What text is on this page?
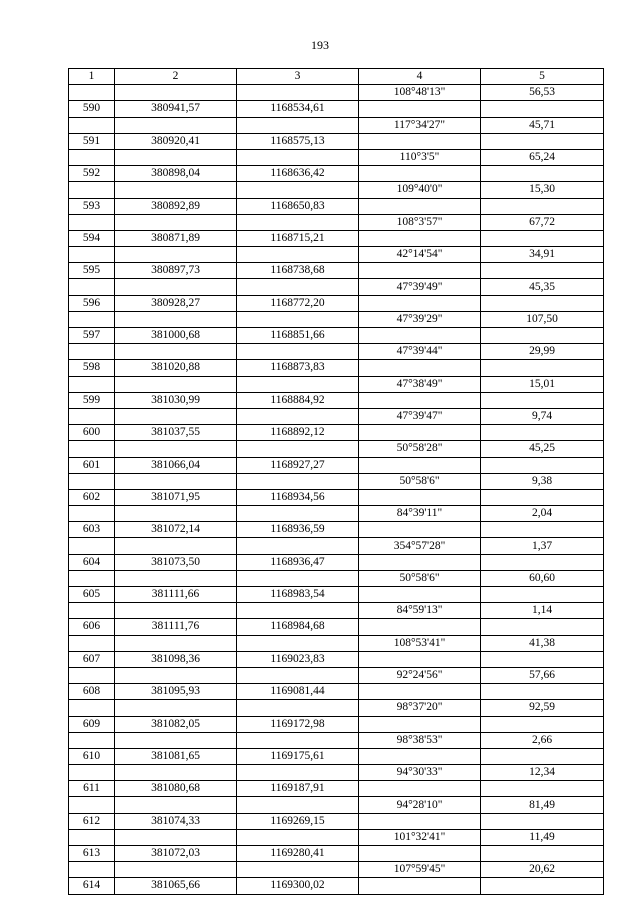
193
1	2	3	4	5
			108°48'13"	56,53
590	380941,57	1168534,61		
			117°34'27"	45,71
591	380920,41	1168575,13		
			110°3'5"	65,24
592	380898,04	1168636,42		
			109°40'0"	15,30
593	380892,89	1168650,83		
			108°3'57"	67,72
594	380871,89	1168715,21		
			42°14'54"	34,91
595	380897,73	1168738,68		
			47°39'49"	45,35
596	380928,27	1168772,20		
			47°39'29"	107,50
597	381000,68	1168851,66		
			47°39'44"	29,99
598	381020,88	1168873,83		
			47°38'49"	15,01
599	381030,99	1168884,92		
			47°39'47"	9,74
600	381037,55	1168892,12		
			50°58'28"	45,25
601	381066,04	1168927,27		
			50°58'6"	9,38
602	381071,95	1168934,56		
			84°39'11"	2,04
603	381072,14	1168936,59		
			354°57'28"	1,37
604	381073,50	1168936,47		
			50°58'6"	60,60
605	381111,66	1168983,54		
			84°59'13"	1,14
606	381111,76	1168984,68		
			108°53'41"	41,38
607	381098,36	1169023,83		
			92°24'56"	57,66
608	381095,93	1169081,44		
			98°37'20"	92,59
609	381082,05	1169172,98		
			98°38'53"	2,66
610	381081,65	1169175,61		
			94°30'33"	12,34
611	381080,68	1169187,91		
			94°28'10"	81,49
612	381074,33	1169269,15		
			101°32'41"	11,49
613	381072,03	1169280,41		
			107°59'45"	20,62
614	381065,66	1169300,02		
